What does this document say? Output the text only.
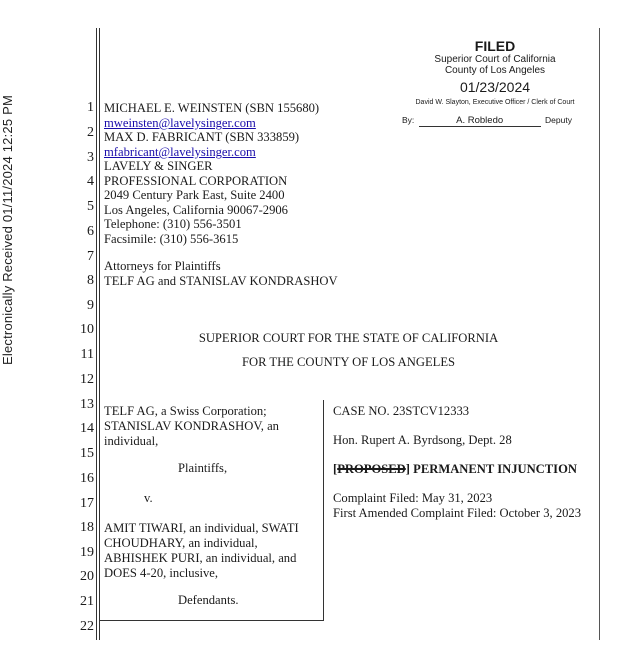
Electronically Received 01/11/2024 12:25 PM
FILED
Superior Court of California
County of Los Angeles
01/23/2024
David W. Slayton, Executive Officer / Clerk of Court
By:	A. Robledo	Deputy
1
2
3
4
5
6
7
8
9
10
11
12
13
14
15
16
17
18
19
20
21
22
MICHAEL E. WEINSTEN (SBN 155680)
mweinsten@lavelysinger.com
MAX D. FABRICANT (SBN 333859)
mfabricant@lavelysinger.com
LAVELY & SINGER
PROFESSIONAL CORPORATION
2049 Century Park East, Suite 2400
Los Angeles, California 90067-2906
Telephone: (310) 556-3501
Facsimile: (310) 556-3615
Attorneys for Plaintiffs
TELF AG and STANISLAV KONDRASHOV
SUPERIOR COURT FOR THE STATE OF CALIFORNIA
FOR THE COUNTY OF LOS ANGELES
TELF AG, a Swiss Corporation;
STANISLAV KONDRASHOV, an
individual,
Plaintiffs,
v.
AMIT TIWARI, an individual, SWATI
CHOUDHARY, an individual,
ABHISHEK PURI, an individual, and
DOES 4-20, inclusive,
Defendants.
CASE NO. 23STCV12333
Hon. Rupert A. Byrdsong, Dept. 28
[PROPOSED] PERMANENT INJUNCTION
Complaint Filed: May 31, 2023
First Amended Complaint Filed: October 3, 2023
